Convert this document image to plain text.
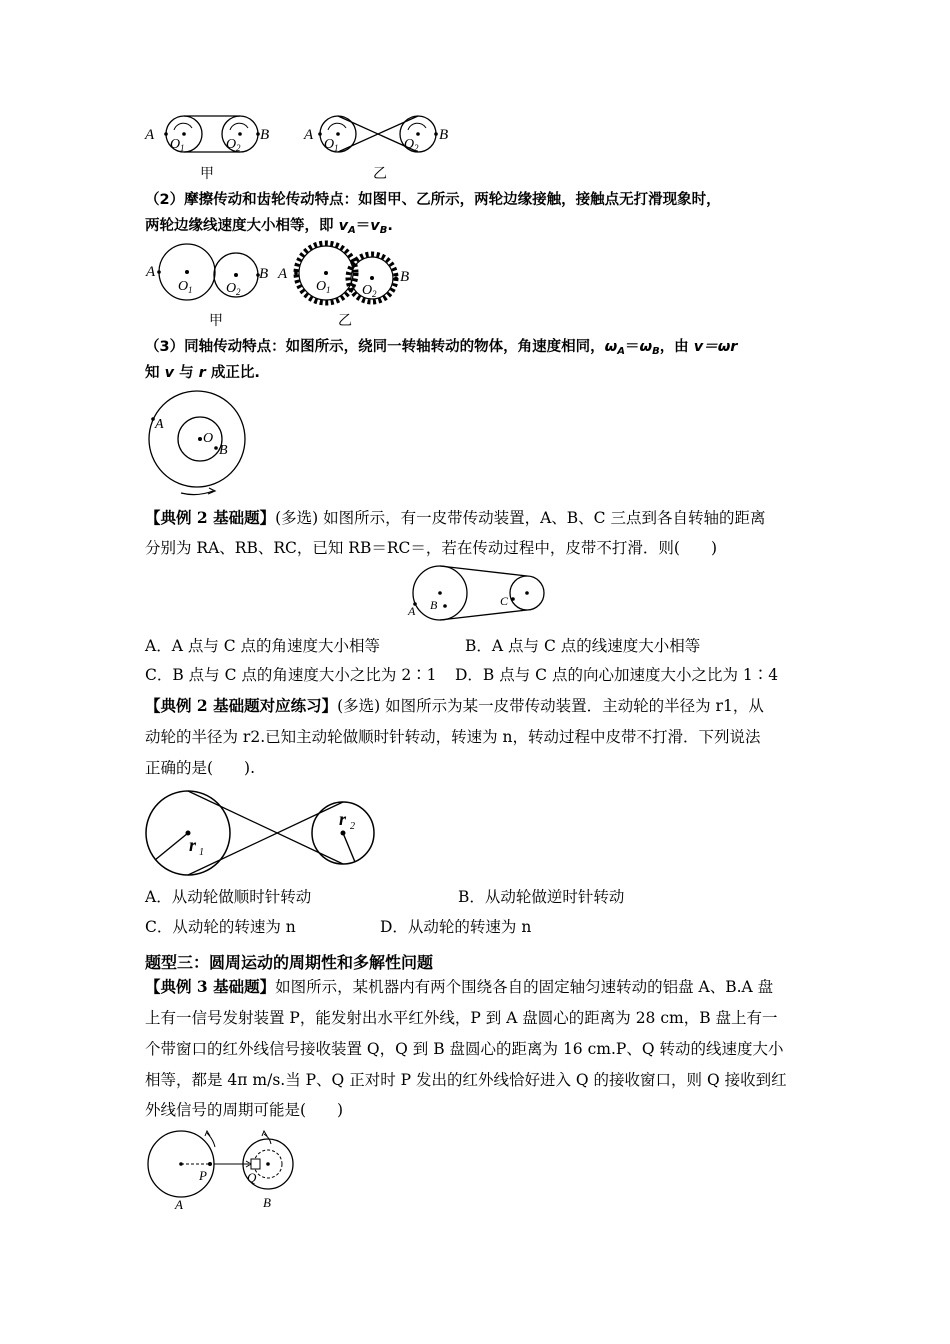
A	B
O 1	O 2
A	B
O 1	O 2
甲	乙
（2）摩擦传动和齿轮传动特点：如图甲、乙所示，两轮边缘接触，接触点无打滑现象时，
两轮边缘线速度大小相等，即 $v_A=v_B$.
A	B
O 1 O 2
A	B
O 1 O 2
甲	乙
（3）同轴传动特点：如图所示，绕同一转轴转动的物体，角速度相同，$\omega_A=\omega_B$，由 v＝ωr
知 v 与 r 成正比.
A
O
B
【典例 2 基础题】(多选) 如图所示，有一皮带传动装置，A、B、C 三点到各自转轴的距离
分别为 RA、RB、RC，已知 RB＝RC＝，若在传动过程中，皮带不打滑．则(　　)
A B	C
A．A 点与 C 点的角速度大小相等	B．A 点与 C 点的线速度大小相等
C．B 点与 C 点的角速度大小之比为 2∶1 D．B 点与 C 点的向心加速度大小之比为 1∶4
【典例 2 基础题对应练习】(多选) 如图所示为某一皮带传动装置．主动轮的半径为 r1，从
动轮的半径为 r2.已知主动轮做顺时针转动，转速为 n，转动过程中皮带不打滑．下列说法
正确的是(　　).
r 1
r 2
A．从动轮做顺时针转动	B．从动轮做逆时针转动
C．从动轮的转速为 n	D．从动轮的转速为 n
题型三：圆周运动的周期性和多解性问题
【典例 3 基础题】如图所示，某机器内有两个围绕各自的固定轴匀速转动的铝盘 A、B.A 盘
上有一信号发射装置 P，能发射出水平红外线，P 到 A 盘圆心的距离为 28 cm，B 盘上有一
个带窗口的红外线信号接收装置 Q，Q 到 B 盘圆心的距离为 16 cm.P、Q 转动的线速度大小
相等，都是 4π m/s.当 P、Q 正对时 P 发出的红外线恰好进入 Q 的接收窗口，则 Q 接收到红
外线信号的周期可能是(　　)
P
A
Q
B
